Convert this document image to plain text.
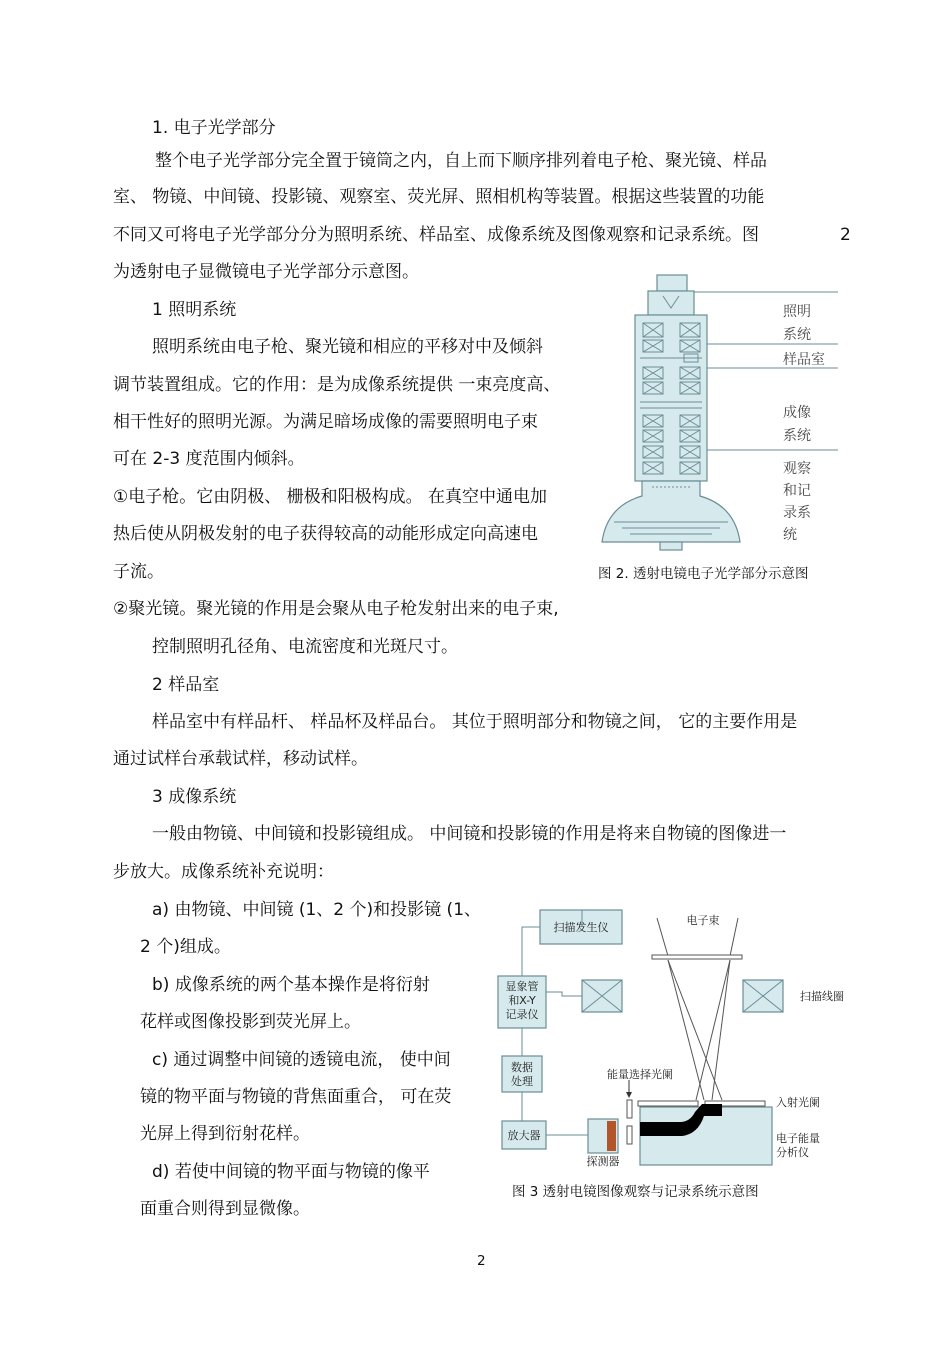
1. 电子光学部分
整个电子光学部分完全置于镜筒之内，自上而下顺序排列着电子枪、聚光镜、样品
室、 物镜、中间镜、投影镜、观察室、荧光屏、照相机构等装置。根据这些装置的功能
不同又可将电子光学部分分为照明系统、样品室、成像系统及图像观察和记录系统。图	2
为透射电子显微镜电子光学部分示意图。
1 照明系统
照明系统由电子枪、聚光镜和相应的平移对中及倾斜
调节装置组成。它的作用：是为成像系统提供 一束亮度高、
相干性好的照明光源。为满足暗场成像的需要照明电子束
可在 2-3 度范围内倾斜。
①电子枪。它由阴极、 栅极和阳极构成。 在真空中通电加
热后使从阴极发射的电子获得较高的动能形成定向高速电
子流。
②聚光镜。聚光镜的作用是会聚从电子枪发射出来的电子束,
控制照明孔径角、电流密度和光斑尺寸。
照明
系统
样品室
成像
系统
观察
和记
录系
统
图 2. 透射电镜电子光学部分示意图
2 样品室
样品室中有样品杆、 样品杯及样品台。 其位于照明部分和物镜之间， 它的主要作用是
通过试样台承载试样，移动试样。
3 成像系统
一般由物镜、中间镜和投影镜组成。 中间镜和投影镜的作用是将来自物镜的图像进一
步放大。成像系统补充说明：
a) 由物镜、中间镜 (1、2 个)和投影镜 (1、
2 个)组成。
b) 成像系统的两个基本操作是将衍射
花样或图像投影到荧光屏上。
c) 通过调整中间镜的透镜电流， 使中间
镜的物平面与物镜的背焦面重合， 可在荧
光屏上得到衍射花样。
d) 若使中间镜的物平面与物镜的像平
面重合则得到显微像。
扫描发生仪
显象管
和X-Y
记录仪
数据
处理
放大器
探测器
电子束
扫描线圈
能量选择光阑
入射光阑
电子能量
分析仪
图 3 透射电镜图像观察与记录系统示意图
2
